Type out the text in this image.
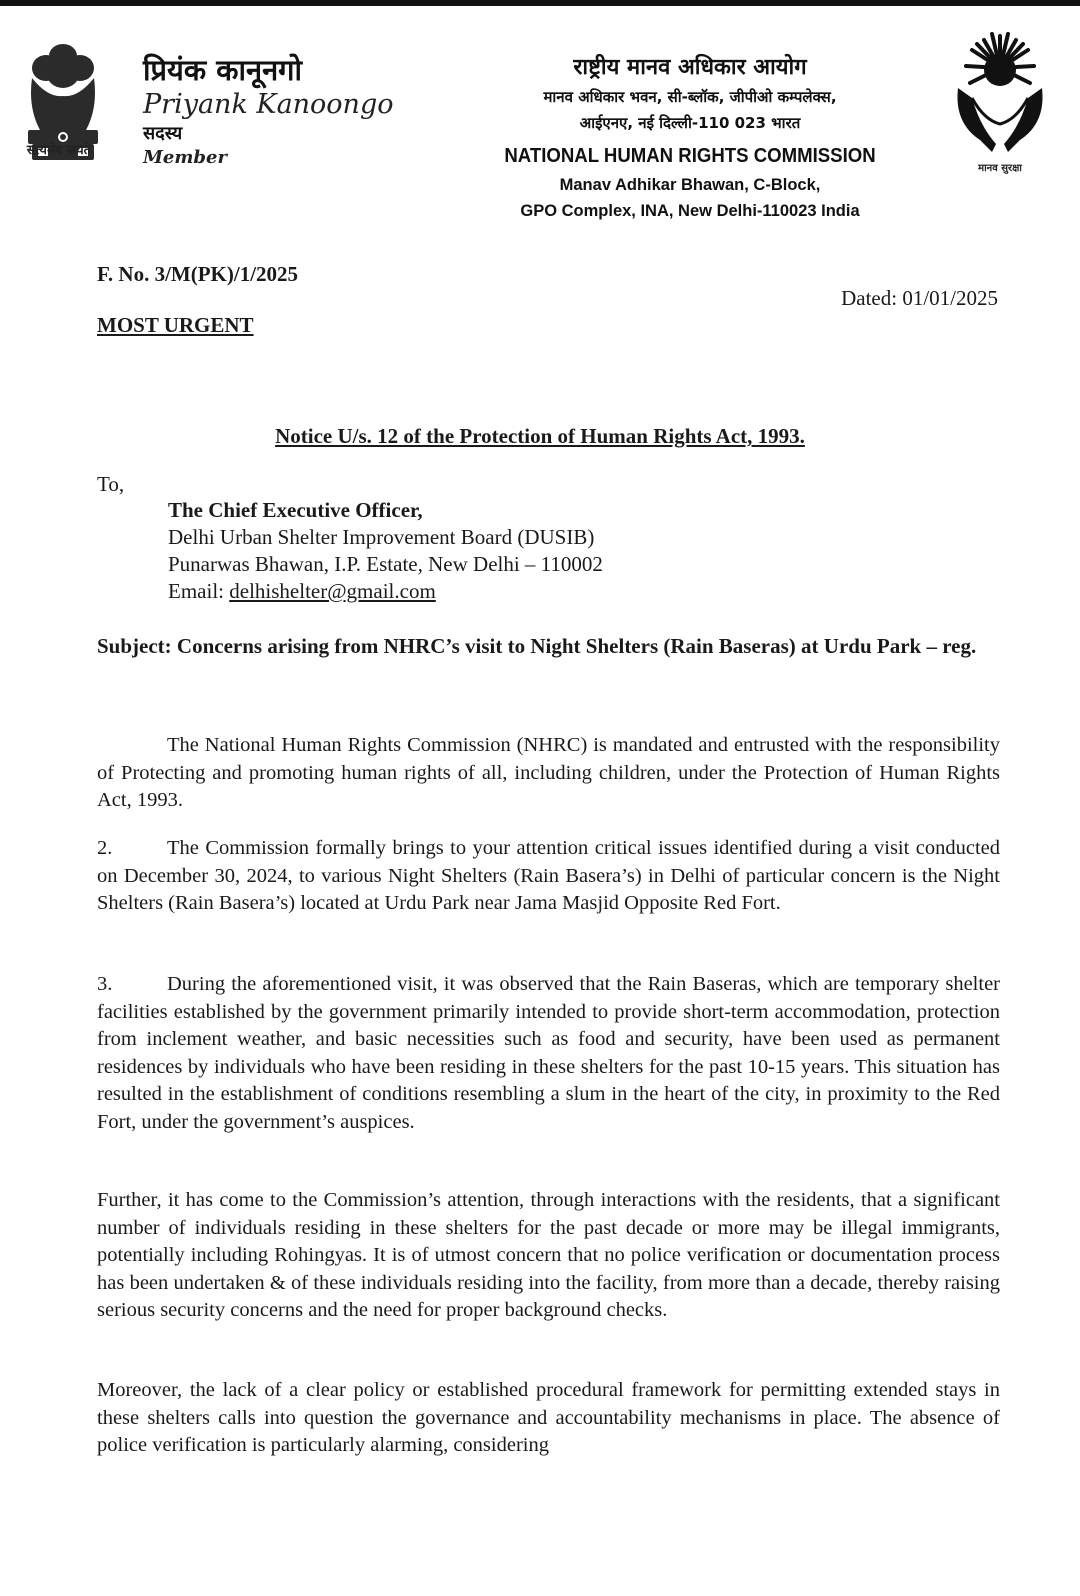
सत्यमेव जयते
प्रियंक कानूनगो
Priyank Kanoongo
सदस्य
Member
राष्ट्रीय मानव अधिकार आयोग
मानव अधिकार भवन, सी-ब्लॉक, जीपीओ कम्पलेक्स,
आईएनए, नई दिल्ली-110 023 भारत
NATIONAL HUMAN RIGHTS COMMISSION
Manav Adhikar Bhawan, C-Block,
GPO Complex, INA, New Delhi-110023 India
मानव सुरक्षा
F. No. 3/M(PK)/1/2025
Dated: 01/01/2025
MOST URGENT
Notice U/s. 12 of the Protection of Human Rights Act, 1993.
To,
The Chief Executive Officer,
Delhi Urban Shelter Improvement Board (DUSIB)
Punarwas Bhawan, I.P. Estate, New Delhi – 110002
Email: delhishelter@gmail.com
Subject: Concerns arising from NHRC’s visit to Night Shelters (Rain Baseras) at Urdu Park – reg.
The National Human Rights Commission (NHRC) is mandated and entrusted with the responsibility of Protecting and promoting human rights of all, including children, under the Protection of Human Rights Act, 1993.
2.	The Commission formally brings to your attention critical issues identified during a visit conducted on December 30, 2024, to various Night Shelters (Rain Basera’s) in Delhi of particular concern is the Night Shelters (Rain Basera’s) located at Urdu Park near Jama Masjid Opposite Red Fort.
3.	During the aforementioned visit, it was observed that the Rain Baseras, which are temporary shelter facilities established by the government primarily intended to provide short-term accommodation, protection from inclement weather, and basic necessities such as food and security, have been used as permanent residences by individuals who have been residing in these shelters for the past 10-15 years. This situation has resulted in the establishment of conditions resembling a slum in the heart of the city, in proximity to the Red Fort, under the government’s auspices.
Further, it has come to the Commission’s attention, through interactions with the residents, that a significant number of individuals residing in these shelters for the past decade or more may be illegal immigrants, potentially including Rohingyas. It is of utmost concern that no police verification or documentation process has been undertaken & of these individuals residing into the facility, from more than a decade, thereby raising serious security concerns and the need for proper background checks.
Moreover, the lack of a clear policy or established procedural framework for permitting extended stays in these shelters calls into question the governance and accountability mechanisms in place. The absence of police verification is particularly alarming, considering
